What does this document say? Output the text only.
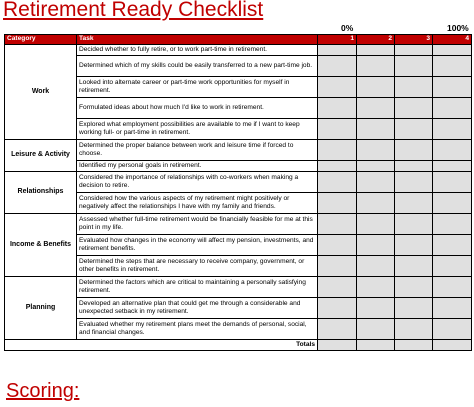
Retirement Ready Checklist
0%	100%
Category	Task	1	2	3	4
Work	Decided whether to fully retire, or to work part-time in retirement.				
	Determined which of my skills could be easily transferred to a new part-time job.				
	Looked into alternate career or part-time work opportunities for myself in retirement.				
	Formulated ideas about how much I'd like to work in retirement.				
	Explored what employment possibilities are available to me if I want to keep working full- or part-time in retirement.				
Leisure & Activity	Determined the proper balance between work and leisure time if forced to choose.				
	Identified my personal goals in retirement.				
Relationships	Considered the importance of relationships with co-workers when making a decision to retire.				
	Considered how the various aspects of my retirement might positively or negatively affect the relationships I have with my family and friends.				
Income & Benefits	Assessed whether full-time retirement would be financially feasible for me at this point in my life.				
	Evaluated how changes in the economy will affect my pension, investments, and retirement benefits.				
	Determined the steps that are necessary to receive company, government, or other benefits in retirement.				
Planning	Determined the factors which are critical to maintaining a personally satisfying retirement.				
	Developed an alternative plan that could get me through a considerable and unexpected setback in my retirement.				
	Evaluated whether my retirement plans meet the demands of personal, social, and financial changes.				
Totals					
Scoring:
